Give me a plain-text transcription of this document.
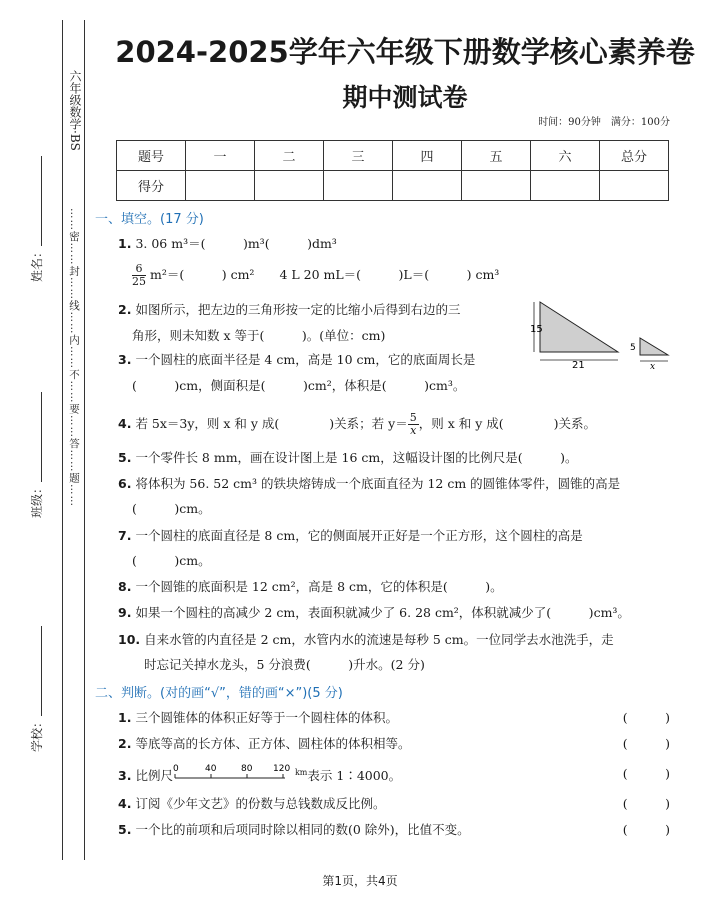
六年级数学·BS
……密……封……线……内……不……要……答……题……
姓名：
班级：
学校：
2024-2025学年六年级下册数学核心素养卷
期中测试卷
时间：90分钟　满分：100分
题号	一	二	三	四	五	六	总分
得分							
一、填空。(17 分)
1. 3. 06 m³＝(　　　)m³(　　　)dm³
$\frac{6}{25} m^2=$(　　　) cm²　　4 L 20 mL＝(　　　)L＝(　　　) cm³
2. 如图所示，把左边的三角形按一定的比缩小后得到右边的三
角形，则未知数 x 等于(　　　)。(单位：cm)	15
21
5
x
3. 一个圆柱的底面半径是 4 cm，高是 10 cm，它的底面周长是
(　　　)cm，侧面积是(　　　)cm²，体积是(　　　)cm³。
4. 若 5x＝3y，则 x 和 y 成(　　　　)关系；若 $y= \frac{5}{x}$ ，则 x 和 y 成(　　　　)关系。
5. 一个零件长 8 mm，画在设计图上是 16 cm，这幅设计图的比例尺是(　　　)。
6. 将体积为 56. 52 cm³ 的铁块熔铸成一个底面直径为 12 cm 的圆锥体零件，圆锥的高是
(　　　)cm。
7. 一个圆柱的底面直径是 8 cm，它的侧面展开正好是一个正方形，这个圆柱的高是
(　　　)cm。
8. 一个圆锥的底面积是 12 cm²，高是 8 cm，它的体积是(　　　)。
9. 如果一个圆柱的高减少 2 cm，表面积就减少了 6. 28 cm²，体积就减少了(　　　)cm³。
10. 自来水管的内直径是 2 cm，水管内水的流速是每秒 5 cm。一位同学去水池洗手，走
时忘记关掉水龙头，5 分浪费(　　　)升水。(2 分)
二、判断。(对的画“√”，错的画“×”)(5 分)
1. 三个圆锥体的体积正好等于一个圆柱体的体积。	(　　　)
2. 等底等高的长方体、正方体、圆柱体的体积相等。	(　　　)
3. 比例尺 0	40	80 120 $^{km}$表示 1∶4000。	(　　　)
4. 订阅《少年文艺》的份数与总钱数成反比例。	(　　　)
5. 一个比的前项和后项同时除以相同的数(0 除外)，比值不变。	(　　　)
第1页，共4页
